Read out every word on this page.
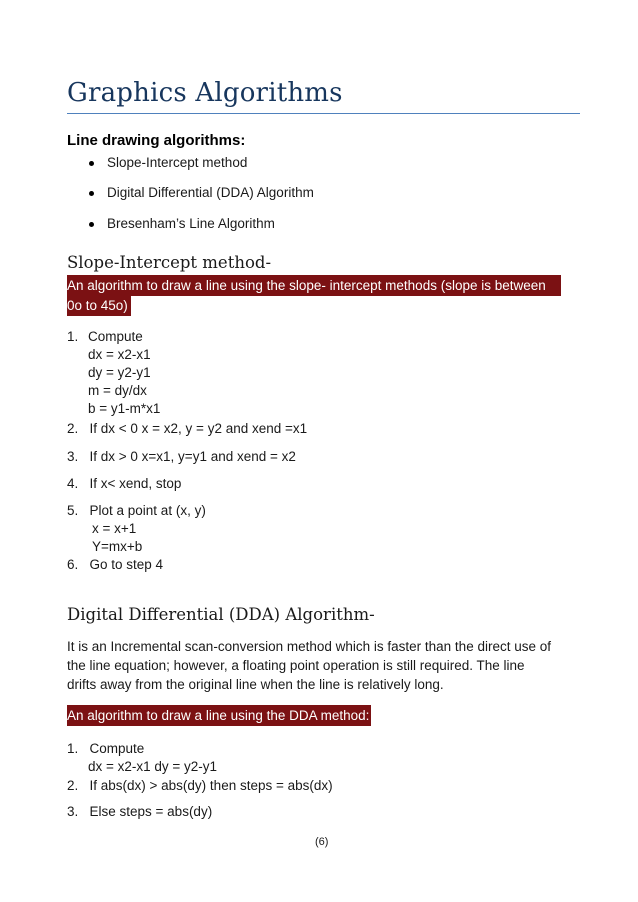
Graphics Algorithms
Line drawing algorithms:
Slope-Intercept method
Digital Differential (DDA) Algorithm
Bresenham’s Line Algorithm
Slope-Intercept method-
An algorithm to draw a line using the slope- intercept methods (slope is between
0o to 45o)
1. Compute
dx = x2-x1
dy = y2-y1
m = dy/dx
b = y1-m*x1
2.   If dx < 0 x = x2, y = y2 and xend =x1
3.   If dx > 0 x=x1, y=y1 and xend = x2
4.   If x< xend, stop
5.   Plot a point at (x, y)
x = x+1
Y=mx+b
6.   Go to step 4
Digital Differential (DDA) Algorithm-
It is an Incremental scan-conversion method which is faster than the direct use of
the line equation; however, a floating point operation is still required. The line
drifts away from the original line when the line is relatively long.
An algorithm to draw a line using the DDA method:
1.   Compute
dx = x2-x1 dy = y2-y1
2.   If abs(dx) > abs(dy) then steps = abs(dx)
3.   Else steps = abs(dy)
(6)
